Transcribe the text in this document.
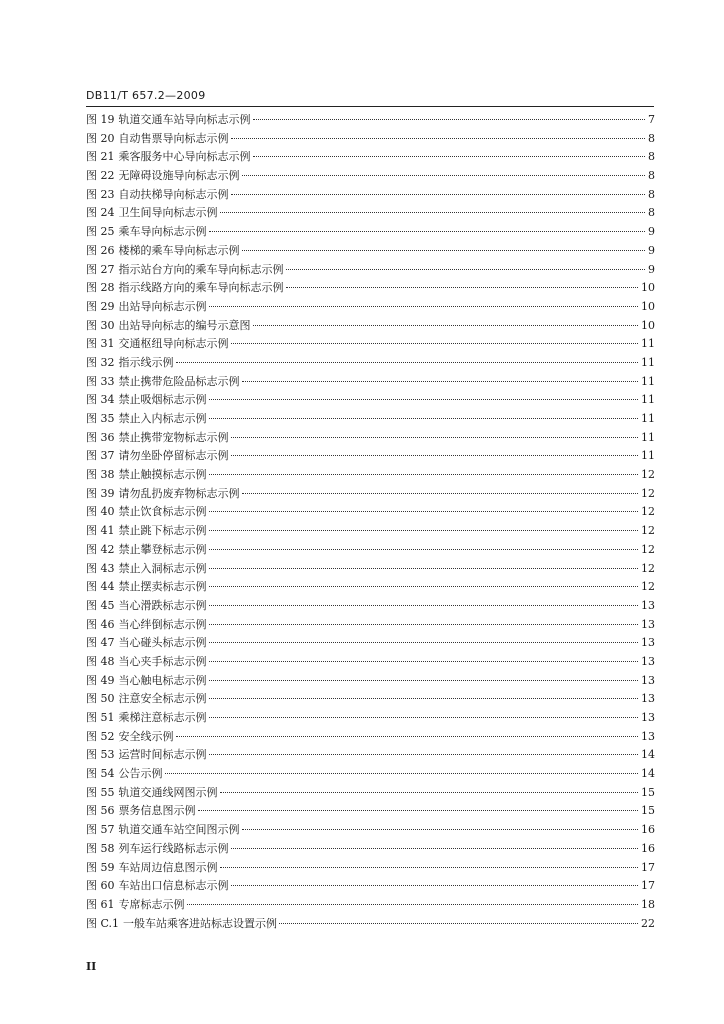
DB11/T 657.2—2009
图 19 轨道交通车站导向标志示例	7
图 20 自动售票导向标志示例	8
图 21 乘客服务中心导向标志示例	8
图 22 无障碍设施导向标志示例	8
图 23 自动扶梯导向标志示例	8
图 24 卫生间导向标志示例	8
图 25 乘车导向标志示例	9
图 26 楼梯的乘车导向标志示例	9
图 27 指示站台方向的乘车导向标志示例	9
图 28 指示线路方向的乘车导向标志示例	10
图 29 出站导向标志示例	10
图 30 出站导向标志的编号示意图	10
图 31 交通枢纽导向标志示例	11
图 32 指示线示例	11
图 33 禁止携带危险品标志示例	11
图 34 禁止吸烟标志示例	11
图 35 禁止入内标志示例	11
图 36 禁止携带宠物标志示例	11
图 37 请勿坐卧停留标志示例	11
图 38 禁止触摸标志示例	12
图 39 请勿乱扔废弃物标志示例	12
图 40 禁止饮食标志示例	12
图 41 禁止跳下标志示例	12
图 42 禁止攀登标志示例	12
图 43 禁止入洞标志示例	12
图 44 禁止摆卖标志示例	12
图 45 当心滑跌标志示例	13
图 46 当心绊倒标志示例	13
图 47 当心碰头标志示例	13
图 48 当心夹手标志示例	13
图 49 当心触电标志示例	13
图 50 注意安全标志示例	13
图 51 乘梯注意标志示例	13
图 52 安全线示例	13
图 53 运营时间标志示例	14
图 54 公告示例	14
图 55 轨道交通线网图示例	15
图 56 票务信息图示例	15
图 57 轨道交通车站空间图示例	16
图 58 列车运行线路标志示例	16
图 59 车站周边信息图示例	17
图 60 车站出口信息标志示例	17
图 61 专席标志示例	18
图 C.1 一般车站乘客进站标志设置示例	22
II
